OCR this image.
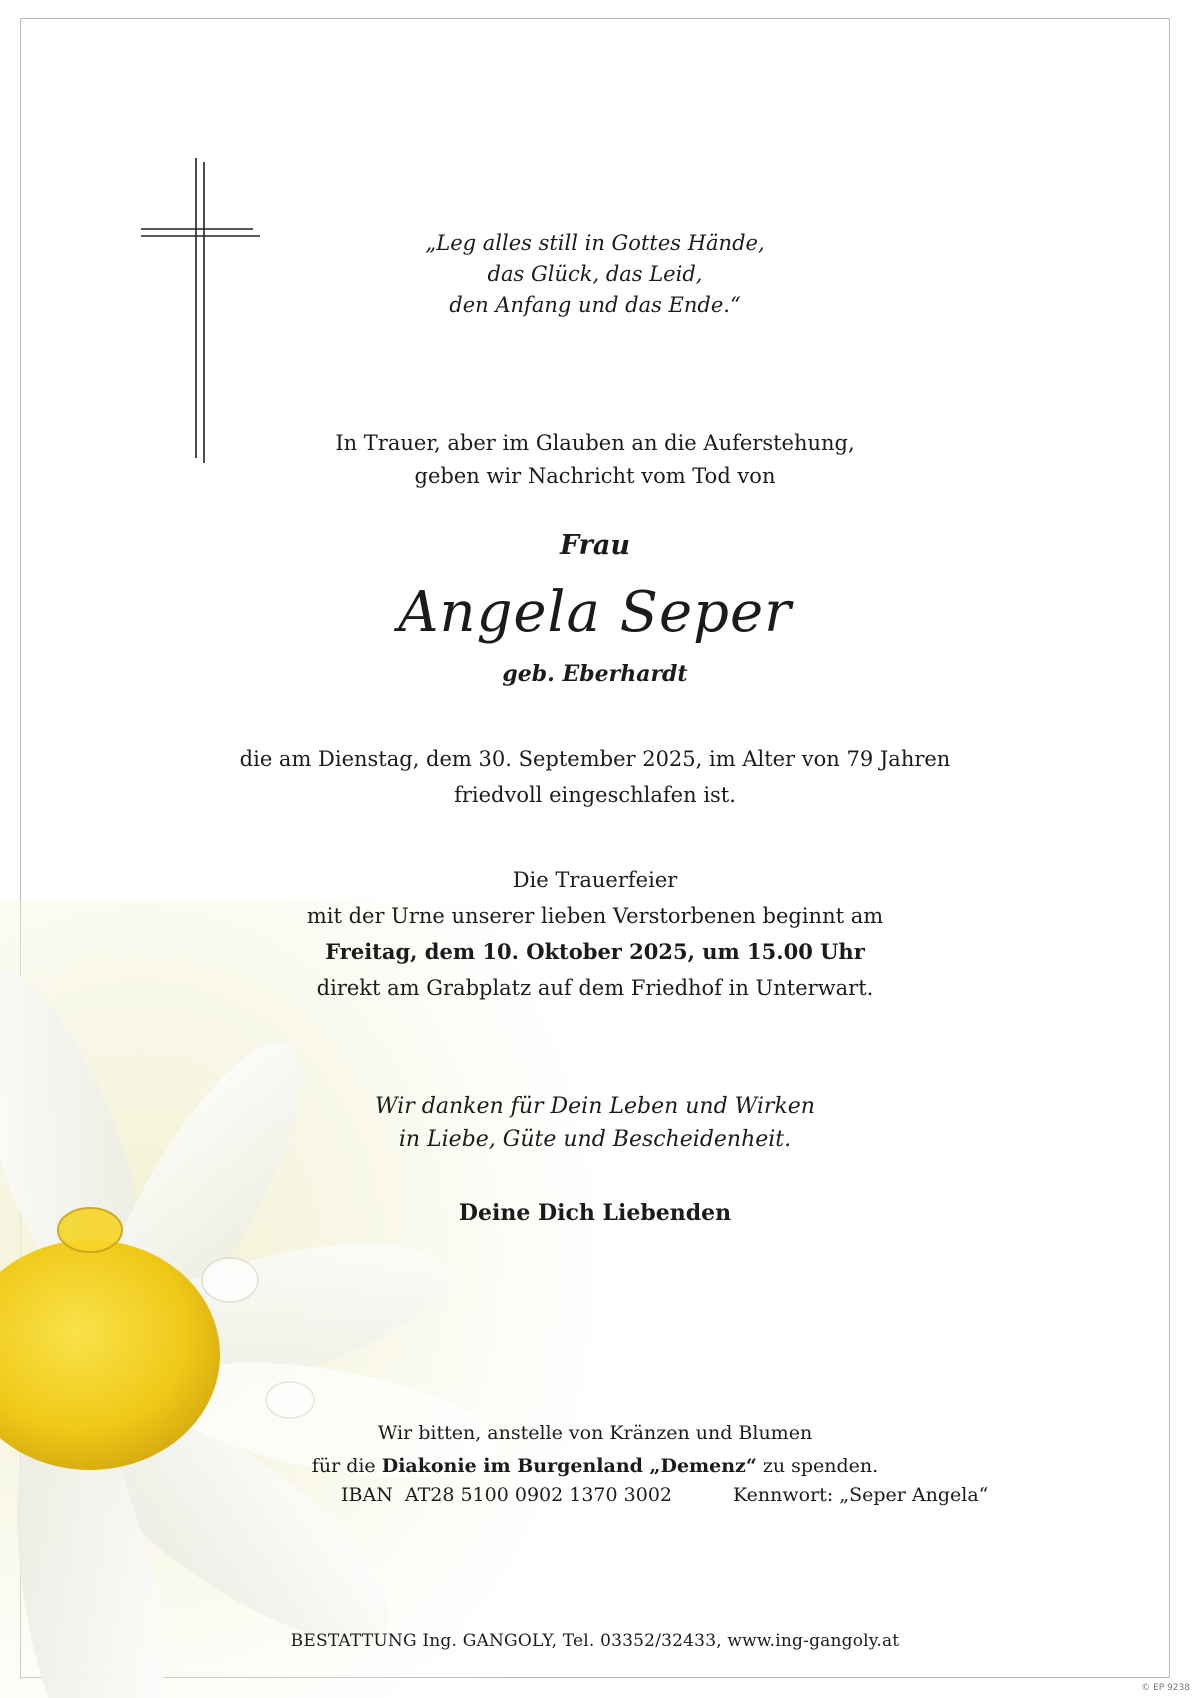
„Leg alles still in Gottes Hände,
das Glück, das Leid,
den Anfang und das Ende.“
In Trauer, aber im Glauben an die Auferstehung,
geben wir Nachricht vom Tod von
Frau
Angela Seper
geb. Eberhardt
die am Dienstag, dem 30. September 2025, im Alter von 79 Jahren
friedvoll eingeschlafen ist.
Die Trauerfeier
mit der Urne unserer lieben Verstorbenen beginnt am
Freitag, dem 10. Oktober 2025, um 15.00 Uhr
direkt am Grabplatz auf dem Friedhof in Unterwart.
Wir danken für Dein Leben und Wirken
in Liebe, Güte und Bescheidenheit.
Deine Dich Liebenden
Wir bitten, anstelle von Kränzen und Blumen
für die Diakonie im Burgenland „Demenz“ zu spenden.
IBAN  AT28 5100 0902 1370 3002	Kennwort: „Seper Angela“
BESTATTUNG Ing. GANGOLY, Tel. 03352/32433, www.ing-gangoly.at
© EP 9238
